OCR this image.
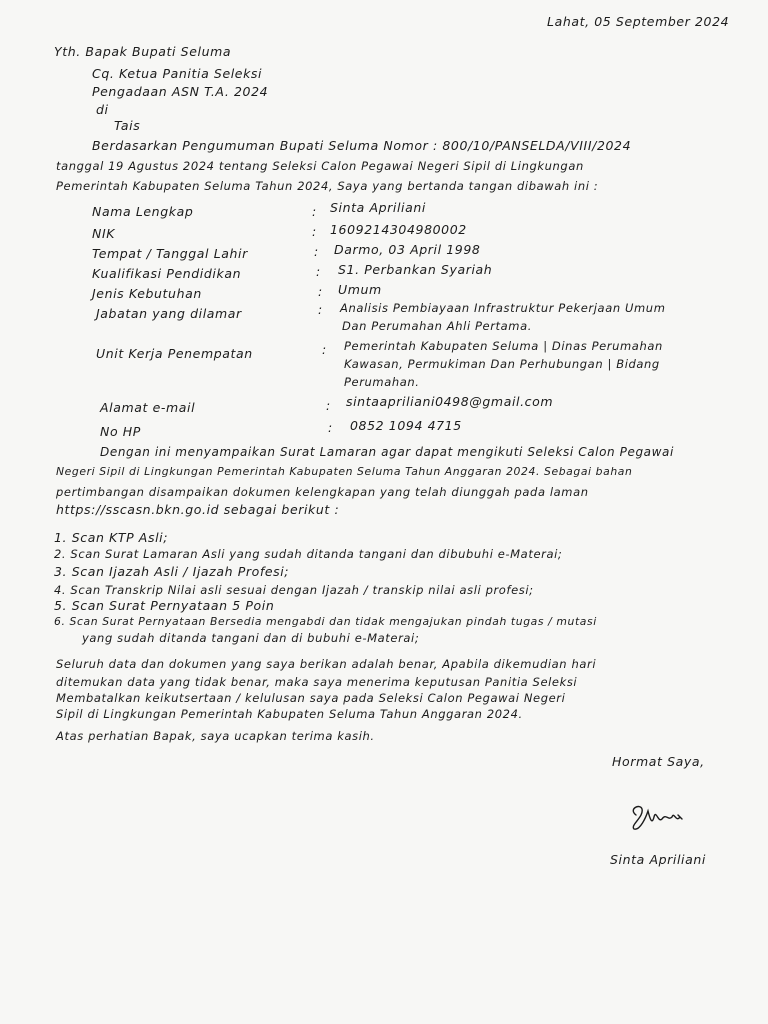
Lahat, 05 September 2024
Yth. Bapak Bupati Seluma
Cq. Ketua Panitia Seleksi
Pengadaan ASN T.A. 2024
di
Tais
Berdasarkan Pengumuman Bupati Seluma Nomor : 800/10/PANSELDA/VIII/2024
tanggal 19 Agustus 2024 tentang Seleksi Calon Pegawai Negeri Sipil di Lingkungan
Pemerintah Kabupaten Seluma Tahun 2024, Saya yang bertanda tangan dibawah ini :
Nama Lengkap	: Sinta Apriliani
NIK	: 1609214304980002
Tempat / Tanggal Lahir	: Darmo, 03 April 1998
Kualifikasi Pendidikan	: S1. Perbankan Syariah
Jenis Kebutuhan	: Umum
Jabatan yang dilamar	: Analisis Pembiayaan Infrastruktur Pekerjaan Umum
Dan Perumahan Ahli Pertama.
Unit Kerja Penempatan	: Pemerintah Kabupaten Seluma | Dinas Perumahan
Kawasan, Permukiman Dan Perhubungan | Bidang
Perumahan.
Alamat e-mail	: sintaapriliani0498@gmail.com
No HP	: 0852 1094 4715
Dengan ini menyampaikan Surat Lamaran agar dapat mengikuti Seleksi Calon Pegawai
Negeri Sipil di Lingkungan Pemerintah Kabupaten Seluma Tahun Anggaran 2024. Sebagai bahan
pertimbangan disampaikan dokumen kelengkapan yang telah diunggah pada laman
https://sscasn.bkn.go.id sebagai berikut :
1. Scan KTP Asli;
2. Scan Surat Lamaran Asli yang sudah ditanda tangani dan dibubuhi e-Materai;
3. Scan Ijazah Asli / Ijazah Profesi;
4. Scan Transkrip Nilai asli sesuai dengan Ijazah / transkip nilai asli profesi;
5. Scan Surat Pernyataan 5 Poin
6. Scan Surat Pernyataan Bersedia mengabdi dan tidak mengajukan pindah tugas / mutasi
yang sudah ditanda tangani dan di bubuhi e-Materai;
Seluruh data dan dokumen yang saya berikan adalah benar, Apabila dikemudian hari
ditemukan data yang tidak benar, maka saya menerima keputusan Panitia Seleksi
Membatalkan keikutsertaan / kelulusan saya pada Seleksi Calon Pegawai Negeri
Sipil di Lingkungan Pemerintah Kabupaten Seluma Tahun Anggaran 2024.
Atas perhatian Bapak, saya ucapkan terima kasih.
Hormat Saya,
Sinta Apriliani
